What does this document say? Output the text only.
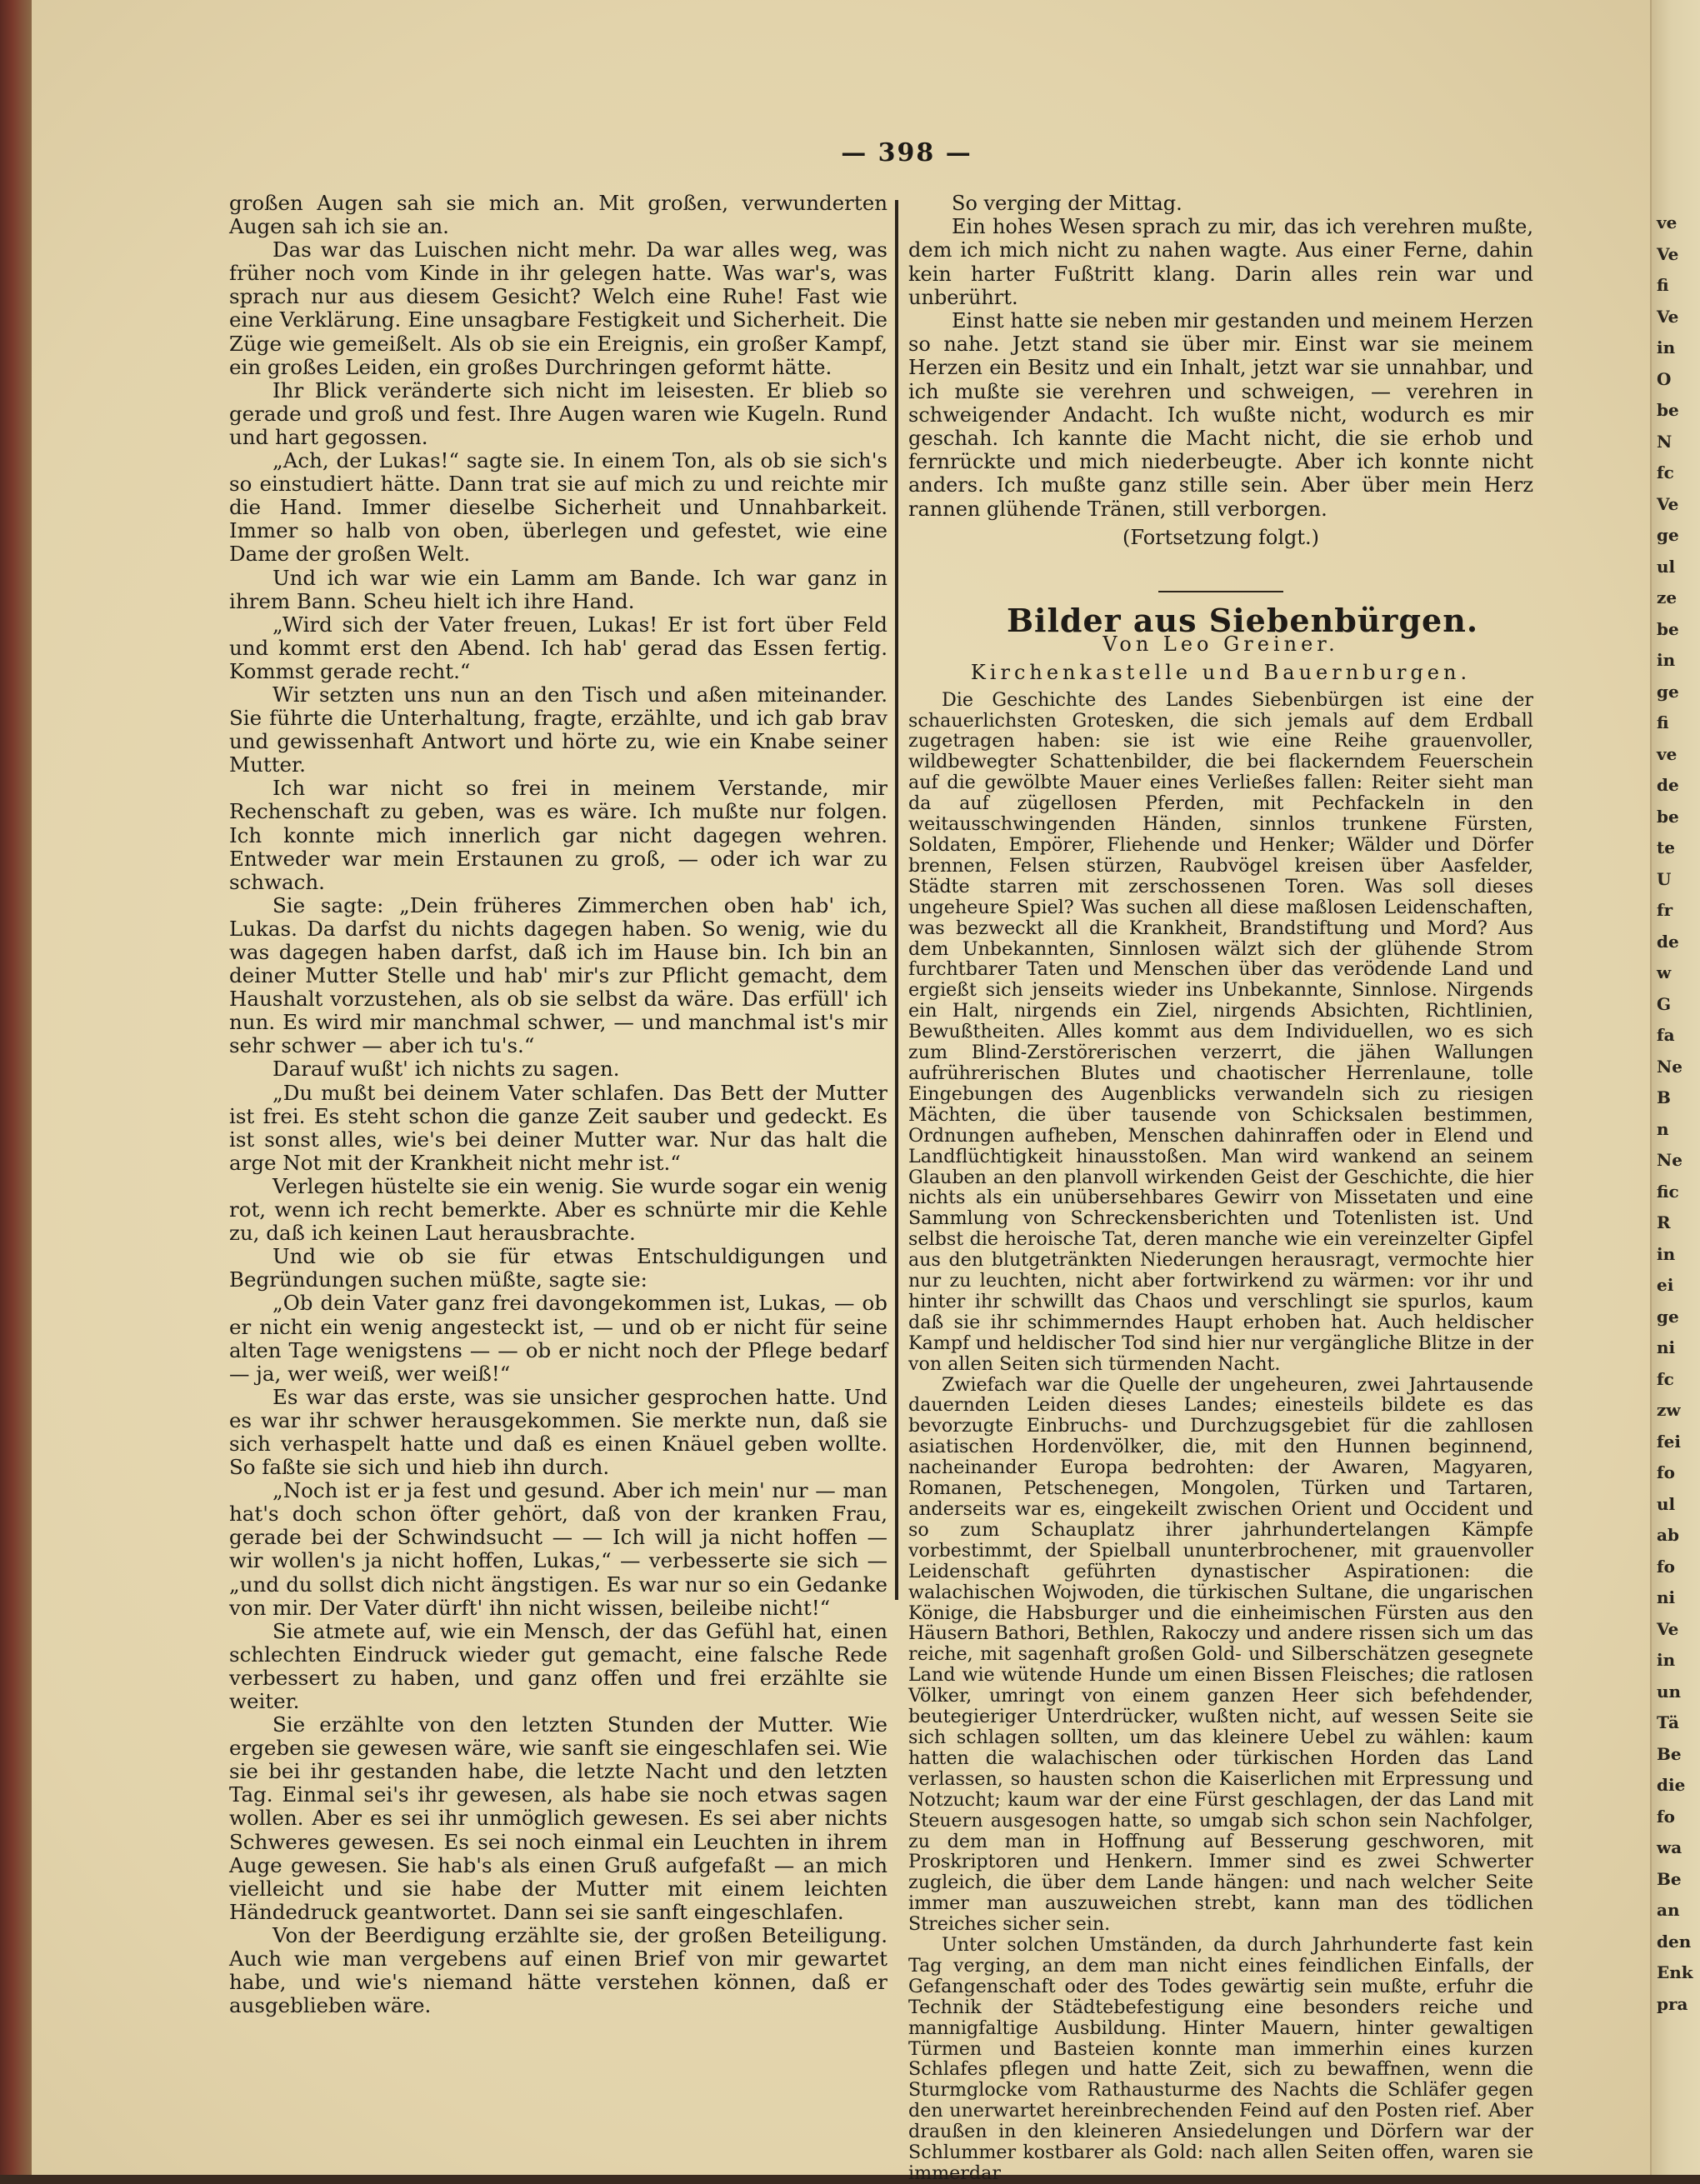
— 398 —

großen Augen sah sie mich an. Mit großen, verwunderten Augen sah ich sie an.

Das war das Luischen nicht mehr. Da war alles weg, was früher noch vom Kinde in ihr gelegen hatte. Was war's, was sprach nur aus diesem Gesicht? Welch eine Ruhe! Fast wie eine Verklärung. Eine unsagbare Festigkeit und Sicherheit. Die Züge wie gemeißelt. Als ob sie ein Ereignis, ein großer Kampf, ein großes Leiden, ein großes Durchringen geformt hätte.

Ihr Blick veränderte sich nicht im leisesten. Er blieb so gerade und groß und fest. Ihre Augen waren wie Kugeln. Rund und hart gegossen.

„Ach, der Lukas!“ sagte sie. In einem Ton, als ob sie sich's so einstudiert hätte. Dann trat sie auf mich zu und reichte mir die Hand. Immer dieselbe Sicherheit und Unnahbarkeit. Immer so halb von oben, überlegen und gefestet, wie eine Dame der großen Welt.

Und ich war wie ein Lamm am Bande. Ich war ganz in ihrem Bann. Scheu hielt ich ihre Hand.

„Wird sich der Vater freuen, Lukas! Er ist fort über Feld und kommt erst den Abend. Ich hab' gerad das Essen fertig. Kommst gerade recht.“

Wir setzten uns nun an den Tisch und aßen miteinander. Sie führte die Unterhaltung, fragte, erzählte, und ich gab brav und gewissenhaft Antwort und hörte zu, wie ein Knabe seiner Mutter.

Ich war nicht so frei in meinem Verstande, mir Rechenschaft zu geben, was es wäre. Ich mußte nur folgen. Ich konnte mich innerlich gar nicht dagegen wehren. Entweder war mein Erstaunen zu groß, — oder ich war zu schwach.

Sie sagte: „Dein früheres Zimmerchen oben hab' ich, Lukas. Da darfst du nichts dagegen haben. So wenig, wie du was dagegen haben darfst, daß ich im Hause bin. Ich bin an deiner Mutter Stelle und hab' mir's zur Pflicht gemacht, dem Haushalt vorzustehen, als ob sie selbst da wäre. Das erfüll' ich nun. Es wird mir manchmal schwer, — und manchmal ist's mir sehr schwer — aber ich tu's.“

Darauf wußt' ich nichts zu sagen.

„Du mußt bei deinem Vater schlafen. Das Bett der Mutter ist frei. Es steht schon die ganze Zeit sauber und gedeckt. Es ist sonst alles, wie's bei deiner Mutter war. Nur das halt die arge Not mit der Krankheit nicht mehr ist.“

Verlegen hüstelte sie ein wenig. Sie wurde sogar ein wenig rot, wenn ich recht bemerkte. Aber es schnürte mir die Kehle zu, daß ich keinen Laut herausbrachte.

Und wie ob sie für etwas Entschuldigungen und Begründungen suchen müßte, sagte sie:

„Ob dein Vater ganz frei davongekommen ist, Lukas, — ob er nicht ein wenig angesteckt ist, — und ob er nicht für seine alten Tage wenigstens — — ob er nicht noch der Pflege bedarf — ja, wer weiß, wer weiß!“

Es war das erste, was sie unsicher gesprochen hatte. Und es war ihr schwer herausgekommen. Sie merkte nun, daß sie sich verhaspelt hatte und daß es einen Knäuel geben wollte. So faßte sie sich und hieb ihn durch.

„Noch ist er ja fest und gesund. Aber ich mein' nur — man hat's doch schon öfter gehört, daß von der kranken Frau, gerade bei der Schwindsucht — — Ich will ja nicht hoffen — wir wollen's ja nicht hoffen, Lukas,“ — verbesserte sie sich — „und du sollst dich nicht ängstigen. Es war nur so ein Gedanke von mir. Der Vater dürft' ihn nicht wissen, beileibe nicht!“

Sie atmete auf, wie ein Mensch, der das Gefühl hat, einen schlechten Eindruck wieder gut gemacht, eine falsche Rede verbessert zu haben, und ganz offen und frei erzählte sie weiter.

Sie erzählte von den letzten Stunden der Mutter. Wie ergeben sie gewesen wäre, wie sanft sie eingeschlafen sei. Wie sie bei ihr gestanden habe, die letzte Nacht und den letzten Tag. Einmal sei's ihr gewesen, als habe sie noch etwas sagen wollen. Aber es sei ihr unmöglich gewesen. Es sei aber nichts Schweres gewesen. Es sei noch einmal ein Leuchten in ihrem Auge gewesen. Sie hab's als einen Gruß aufgefaßt — an mich vielleicht und sie habe der Mutter mit einem leichten Händedruck geantwortet. Dann sei sie sanft eingeschlafen.

Von der Beerdigung erzählte sie, der großen Beteiligung. Auch wie man vergebens auf einen Brief von mir gewartet habe, und wie's niemand hätte verstehen können, daß er ausgeblieben wäre.

So verging der Mittag.

Ein hohes Wesen sprach zu mir, das ich verehren mußte, dem ich mich nicht zu nahen wagte. Aus einer Ferne, dahin kein harter Fußtritt klang. Darin alles rein war und unberührt.

Einst hatte sie neben mir gestanden und meinem Herzen so nahe. Jetzt stand sie über mir. Einst war sie meinem Herzen ein Besitz und ein Inhalt, jetzt war sie unnahbar, und ich mußte sie verehren und schweigen, — verehren in schweigender Andacht. Ich wußte nicht, wodurch es mir geschah. Ich kannte die Macht nicht, die sie erhob und fernrückte und mich niederbeugte. Aber ich konnte nicht anders. Ich mußte ganz stille sein. Aber über mein Herz rannen glühende Tränen, still verborgen.

(Fortsetzung folgt.)

Bilder aus Siebenbürgen.

Von Leo Greiner.

Kirchenkastelle und Bauernburgen.

Die Geschichte des Landes Siebenbürgen ist eine der schauerlichsten Grotesken, die sich jemals auf dem Erdball zugetragen haben: sie ist wie eine Reihe grauenvoller, wildbewegter Schattenbilder, die bei flackerndem Feuerschein auf die gewölbte Mauer eines Verließes fallen: Reiter sieht man da auf zügellosen Pferden, mit Pechfackeln in den weitausschwingenden Händen, sinnlos trunkene Fürsten, Soldaten, Empörer, Fliehende und Henker; Wälder und Dörfer brennen, Felsen stürzen, Raubvögel kreisen über Aasfelder, Städte starren mit zerschossenen Toren. Was soll dieses ungeheure Spiel? Was suchen all diese maßlosen Leidenschaften, was bezweckt all die Krankheit, Brandstiftung und Mord? Aus dem Unbekannten, Sinnlosen wälzt sich der glühende Strom furchtbarer Taten und Menschen über das verödende Land und ergießt sich jenseits wieder ins Unbekannte, Sinnlose. Nirgends ein Halt, nirgends ein Ziel, nirgends Absichten, Richtlinien, Bewußtheiten. Alles kommt aus dem Individuellen, wo es sich zum Blind-Zerstörerischen verzerrt, die jähen Wallungen aufrührerischen Blutes und chaotischer Herrenlaune, tolle Eingebungen des Augenblicks verwandeln sich zu riesigen Mächten, die über tausende von Schicksalen bestimmen, Ordnungen aufheben, Menschen dahinraffen oder in Elend und Landflüchtigkeit hinausstoßen. Man wird wankend an seinem Glauben an den planvoll wirkenden Geist der Geschichte, die hier nichts als ein unübersehbares Gewirr von Missetaten und eine Sammlung von Schreckensberichten und Totenlisten ist. Und selbst die heroische Tat, deren manche wie ein vereinzelter Gipfel aus den blutgetränkten Niederungen herausragt, vermochte hier nur zu leuchten, nicht aber fortwirkend zu wärmen: vor ihr und hinter ihr schwillt das Chaos und verschlingt sie spurlos, kaum daß sie ihr schimmerndes Haupt erhoben hat. Auch heldischer Kampf und heldischer Tod sind hier nur vergängliche Blitze in der von allen Seiten sich türmenden Nacht.

Zwiefach war die Quelle der ungeheuren, zwei Jahrtausende dauernden Leiden dieses Landes; einesteils bildete es das bevorzugte Einbruchs- und Durchzugsgebiet für die zahllosen asiatischen Hordenvölker, die, mit den Hunnen beginnend, nacheinander Europa bedrohten: der Awaren, Magyaren, Romanen, Petschenegen, Mongolen, Türken und Tartaren, anderseits war es, eingekeilt zwischen Orient und Occident und so zum Schauplatz ihrer jahrhundertelangen Kämpfe vorbestimmt, der Spielball ununterbrochener, mit grauenvoller Leidenschaft geführten dynastischer Aspirationen: die walachischen Wojwoden, die türkischen Sultane, die ungarischen Könige, die Habsburger und die einheimischen Fürsten aus den Häusern Bathori, Bethlen, Rakoczy und andere rissen sich um das reiche, mit sagenhaft großen Gold- und Silberschätzen gesegnete Land wie wütende Hunde um einen Bissen Fleisches; die ratlosen Völker, umringt von einem ganzen Heer sich befehdender, beutegieriger Unterdrücker, wußten nicht, auf wessen Seite sie sich schlagen sollten, um das kleinere Uebel zu wählen: kaum hatten die walachischen oder türkischen Horden das Land verlassen, so hausten schon die Kaiserlichen mit Erpressung und Notzucht; kaum war der eine Fürst geschlagen, der das Land mit Steuern ausgesogen hatte, so umgab sich schon sein Nachfolger, zu dem man in Hoffnung auf Besserung geschworen, mit Proskriptoren und Henkern. Immer sind es zwei Schwerter zugleich, die über dem Lande hängen: und nach welcher Seite immer man auszuweichen strebt, kann man des tödlichen Streiches sicher sein.

Unter solchen Umständen, da durch Jahrhunderte fast kein Tag verging, an dem man nicht eines feindlichen Einfalls, der Gefangenschaft oder des Todes gewärtig sein mußte, erfuhr die Technik der Städtebefestigung eine besonders reiche und mannigfaltige Ausbildung. Hinter Mauern, hinter gewaltigen Türmen und Basteien konnte man immerhin eines kurzen Schlafes pflegen und hatte Zeit, sich zu bewaffnen, wenn die Sturmglocke vom Rathausturme des Nachts die Schläfer gegen den unerwartet hereinbrechenden Feind auf den Posten rief. Aber draußen in den kleineren Ansiedelungen und Dörfern war der Schlummer kostbarer als Gold: nach allen Seiten offen, waren sie immerdar

ve
Ve
fi
Ve
in
O
be
N
fc
Ve
ge
ul
ze
be
in
ge
fi
ve
de
be
te
U
fr
de
w
G
fa
Ne
B
n
Ne
fic
R
in
ei
ge
ni
fc
zw
fei
fo
ul
ab
fo
ni
Ve
in
un
Tä
Be
die
fo
wa
Be
an
den
Enk
pra
